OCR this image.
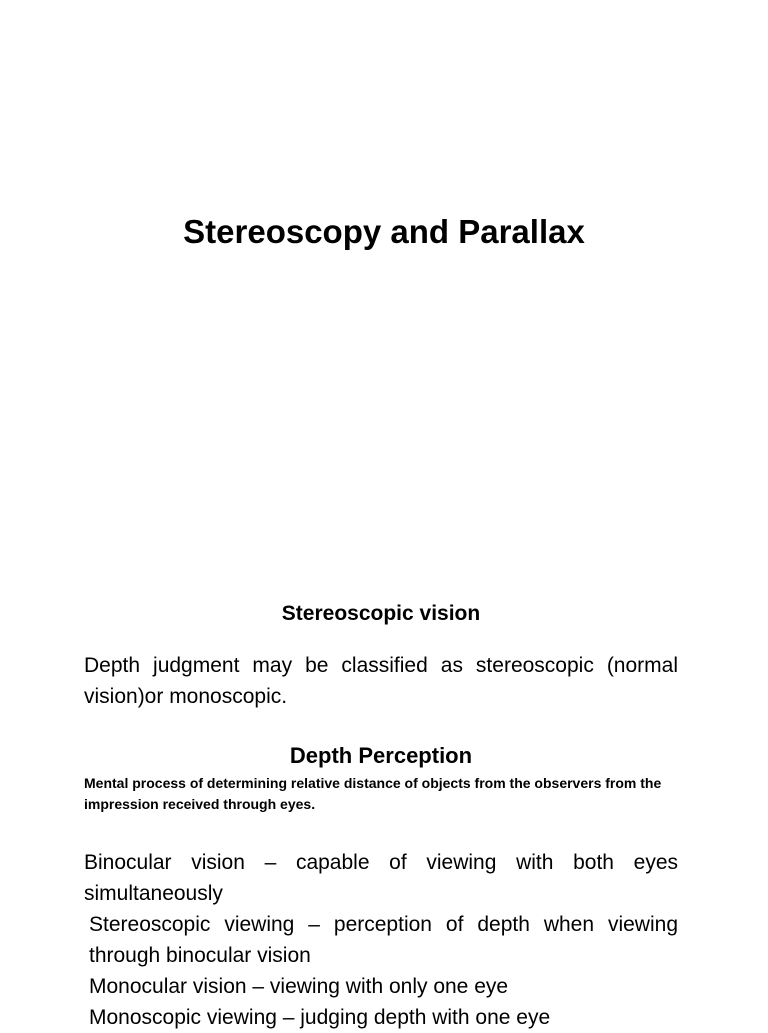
Stereoscopy and Parallax
Stereoscopic vision

Depth judgment may be classified as stereoscopic (normal vision)or monoscopic.

Depth Perception

Mental process of determining relative distance of objects from the observers from the impression received through eyes.

Binocular vision – capable of viewing with both eyes simultaneously
Stereoscopic viewing – perception of depth when viewing through binocular vision
Monocular vision – viewing with only one eye
Monoscopic viewing – judging depth with one eye
